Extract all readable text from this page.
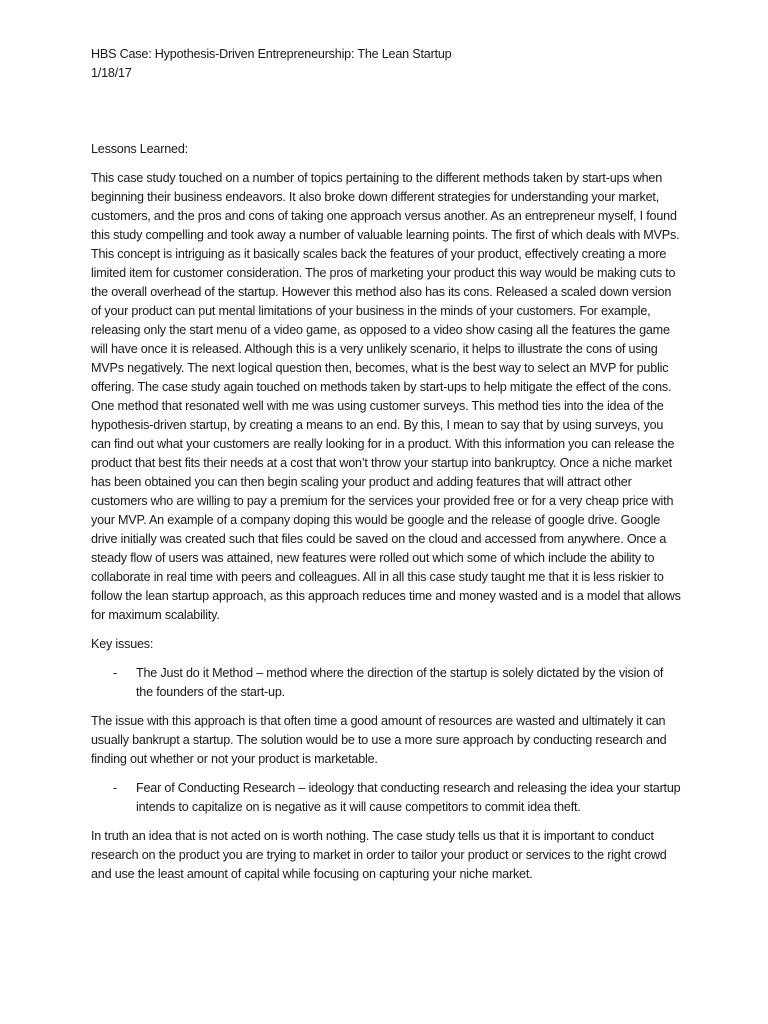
HBS Case: Hypothesis-Driven Entrepreneurship: The Lean Startup

1/18/17

Lessons Learned:

This case study touched on a number of topics pertaining to the different methods taken by start-ups when beginning their business endeavors. It also broke down different strategies for understanding your market, customers, and the pros and cons of taking one approach versus another. As an entrepreneur myself, I found this study compelling and took away a number of valuable learning points. The first of which deals with MVPs. This concept is intriguing as it basically scales back the features of your product, effectively creating a more limited item for customer consideration. The pros of marketing your product this way would be making cuts to the overall overhead of the startup. However this method also has its cons. Released a scaled down version of your product can put mental limitations of your business in the minds of your customers. For example, releasing only the start menu of a video game, as opposed to a video show casing all the features the game will have once it is released. Although this is a very unlikely scenario, it helps to illustrate the cons of using MVPs negatively. The next logical question then, becomes, what is the best way to select an MVP for public offering. The case study again touched on methods taken by start-ups to help mitigate the effect of the cons. One method that resonated well with me was using customer surveys. This method ties into the idea of the hypothesis-driven startup, by creating a means to an end. By this, I mean to say that by using surveys, you can find out what your customers are really looking for in a product. With this information you can release the product that best fits their needs at a cost that won’t throw your startup into bankruptcy. Once a niche market has been obtained you can then begin scaling your product and adding features that will attract other customers who are willing to pay a premium for the services your provided free or for a very cheap price with your MVP. An example of a company doping this would be google and the release of google drive. Google drive initially was created such that files could be saved on the cloud and accessed from anywhere. Once a steady flow of users was attained, new features were rolled out which some of which include the ability to collaborate in real time with peers and colleagues. All in all this case study taught me that it is less riskier to follow the lean startup approach, as this approach reduces time and money wasted and is a model that allows for maximum scalability.

Key issues:

-	The Just do it Method – method where the direction of the startup is solely dictated by the vision of the founders of the start-up.

The issue with this approach is that often time a good amount of resources are wasted and ultimately it can usually bankrupt a startup. The solution would be to use a more sure approach by conducting research and finding out whether or not your product is marketable.

-	Fear of Conducting Research – ideology that conducting research and releasing the idea your startup intends to capitalize on is negative as it will cause competitors to commit idea theft.

In truth an idea that is not acted on is worth nothing. The case study tells us that it is important to conduct research on the product you are trying to market in order to tailor your product or services to the right crowd and use the least amount of capital while focusing on capturing your niche market.
